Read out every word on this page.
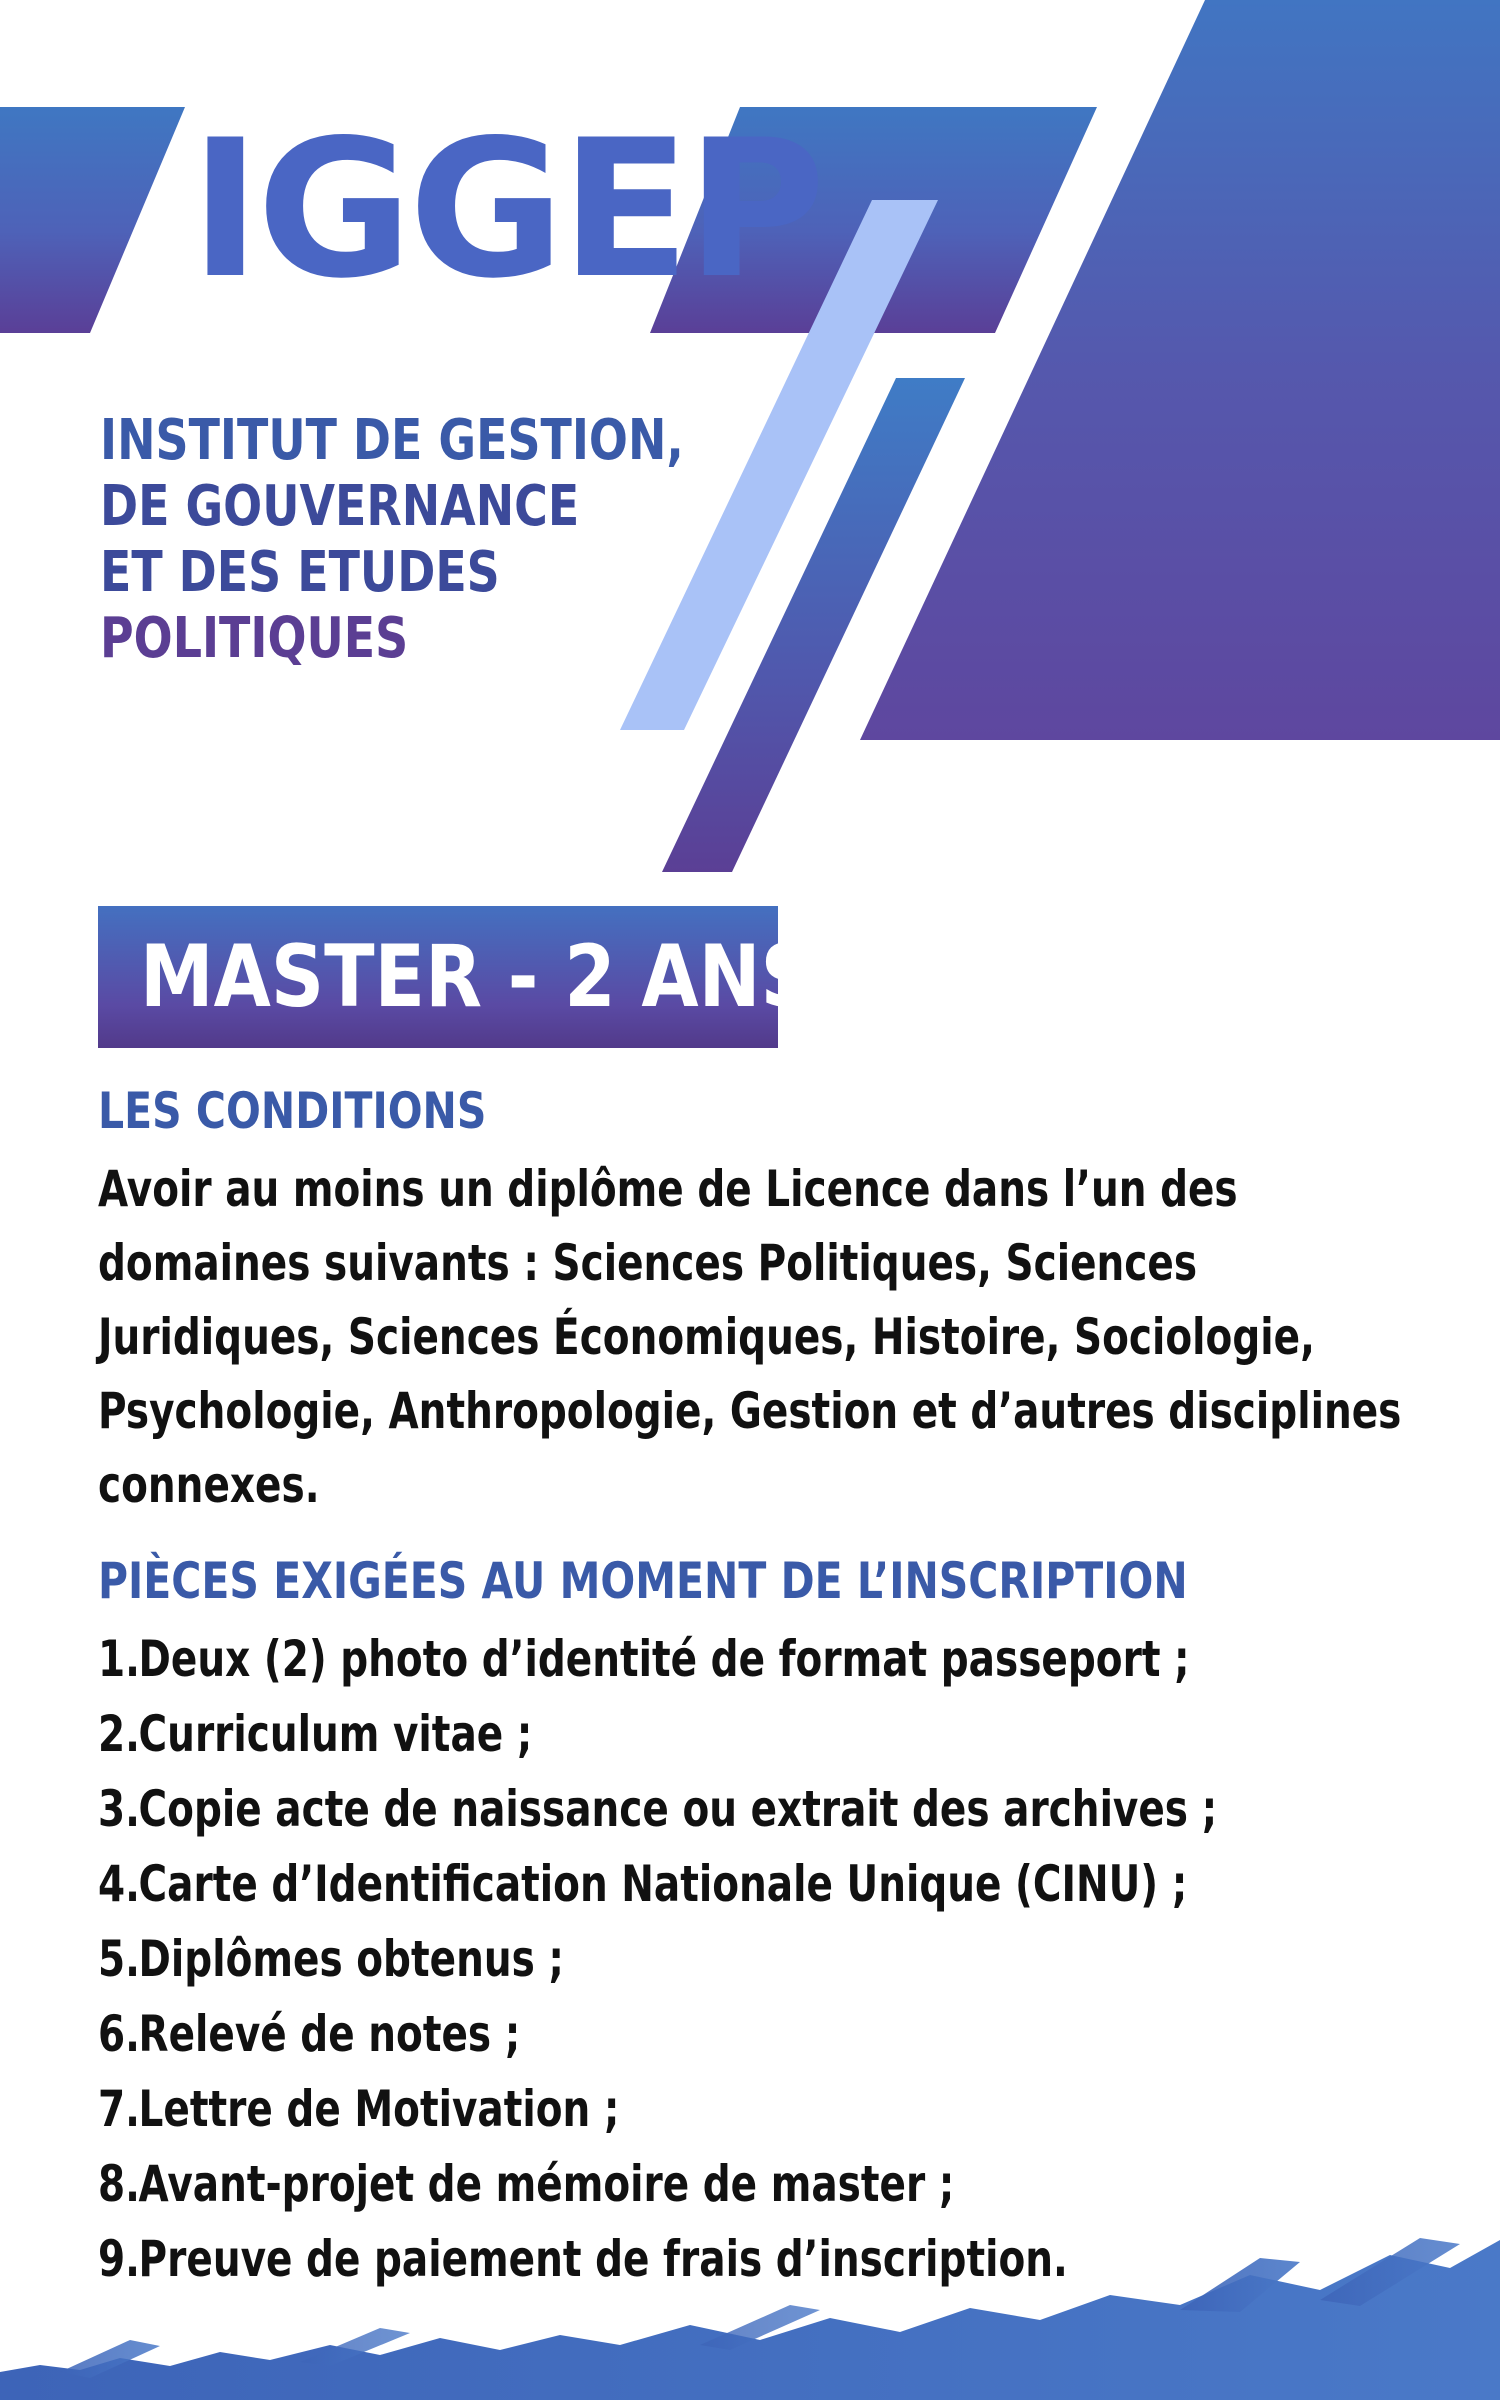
IGGEP
INSTITUT DE GESTION,
DE GOUVERNANCE
ET DES ETUDES
POLITIQUES
MASTER - 2 ANS
LES CONDITIONS
Avoir au moins un diplôme de Licence dans l’un des
domaines suivants : Sciences Politiques, Sciences
Juridiques, Sciences Économiques, Histoire, Sociologie,
Psychologie, Anthropologie, Gestion et d’autres disciplines
connexes.
PIÈCES EXIGÉES AU MOMENT DE L’INSCRIPTION
1.Deux (2) photo d’identité de format passeport ;
2.Curriculum vitae ;
3.Copie acte de naissance ou extrait des archives ;
4.Carte d’Identification Nationale Unique (CINU) ;
5.Diplômes obtenus ;
6.Relevé de notes ;
7.Lettre de Motivation ;
8.Avant-projet de mémoire de master ;
9.Preuve de paiement de frais d’inscription.
